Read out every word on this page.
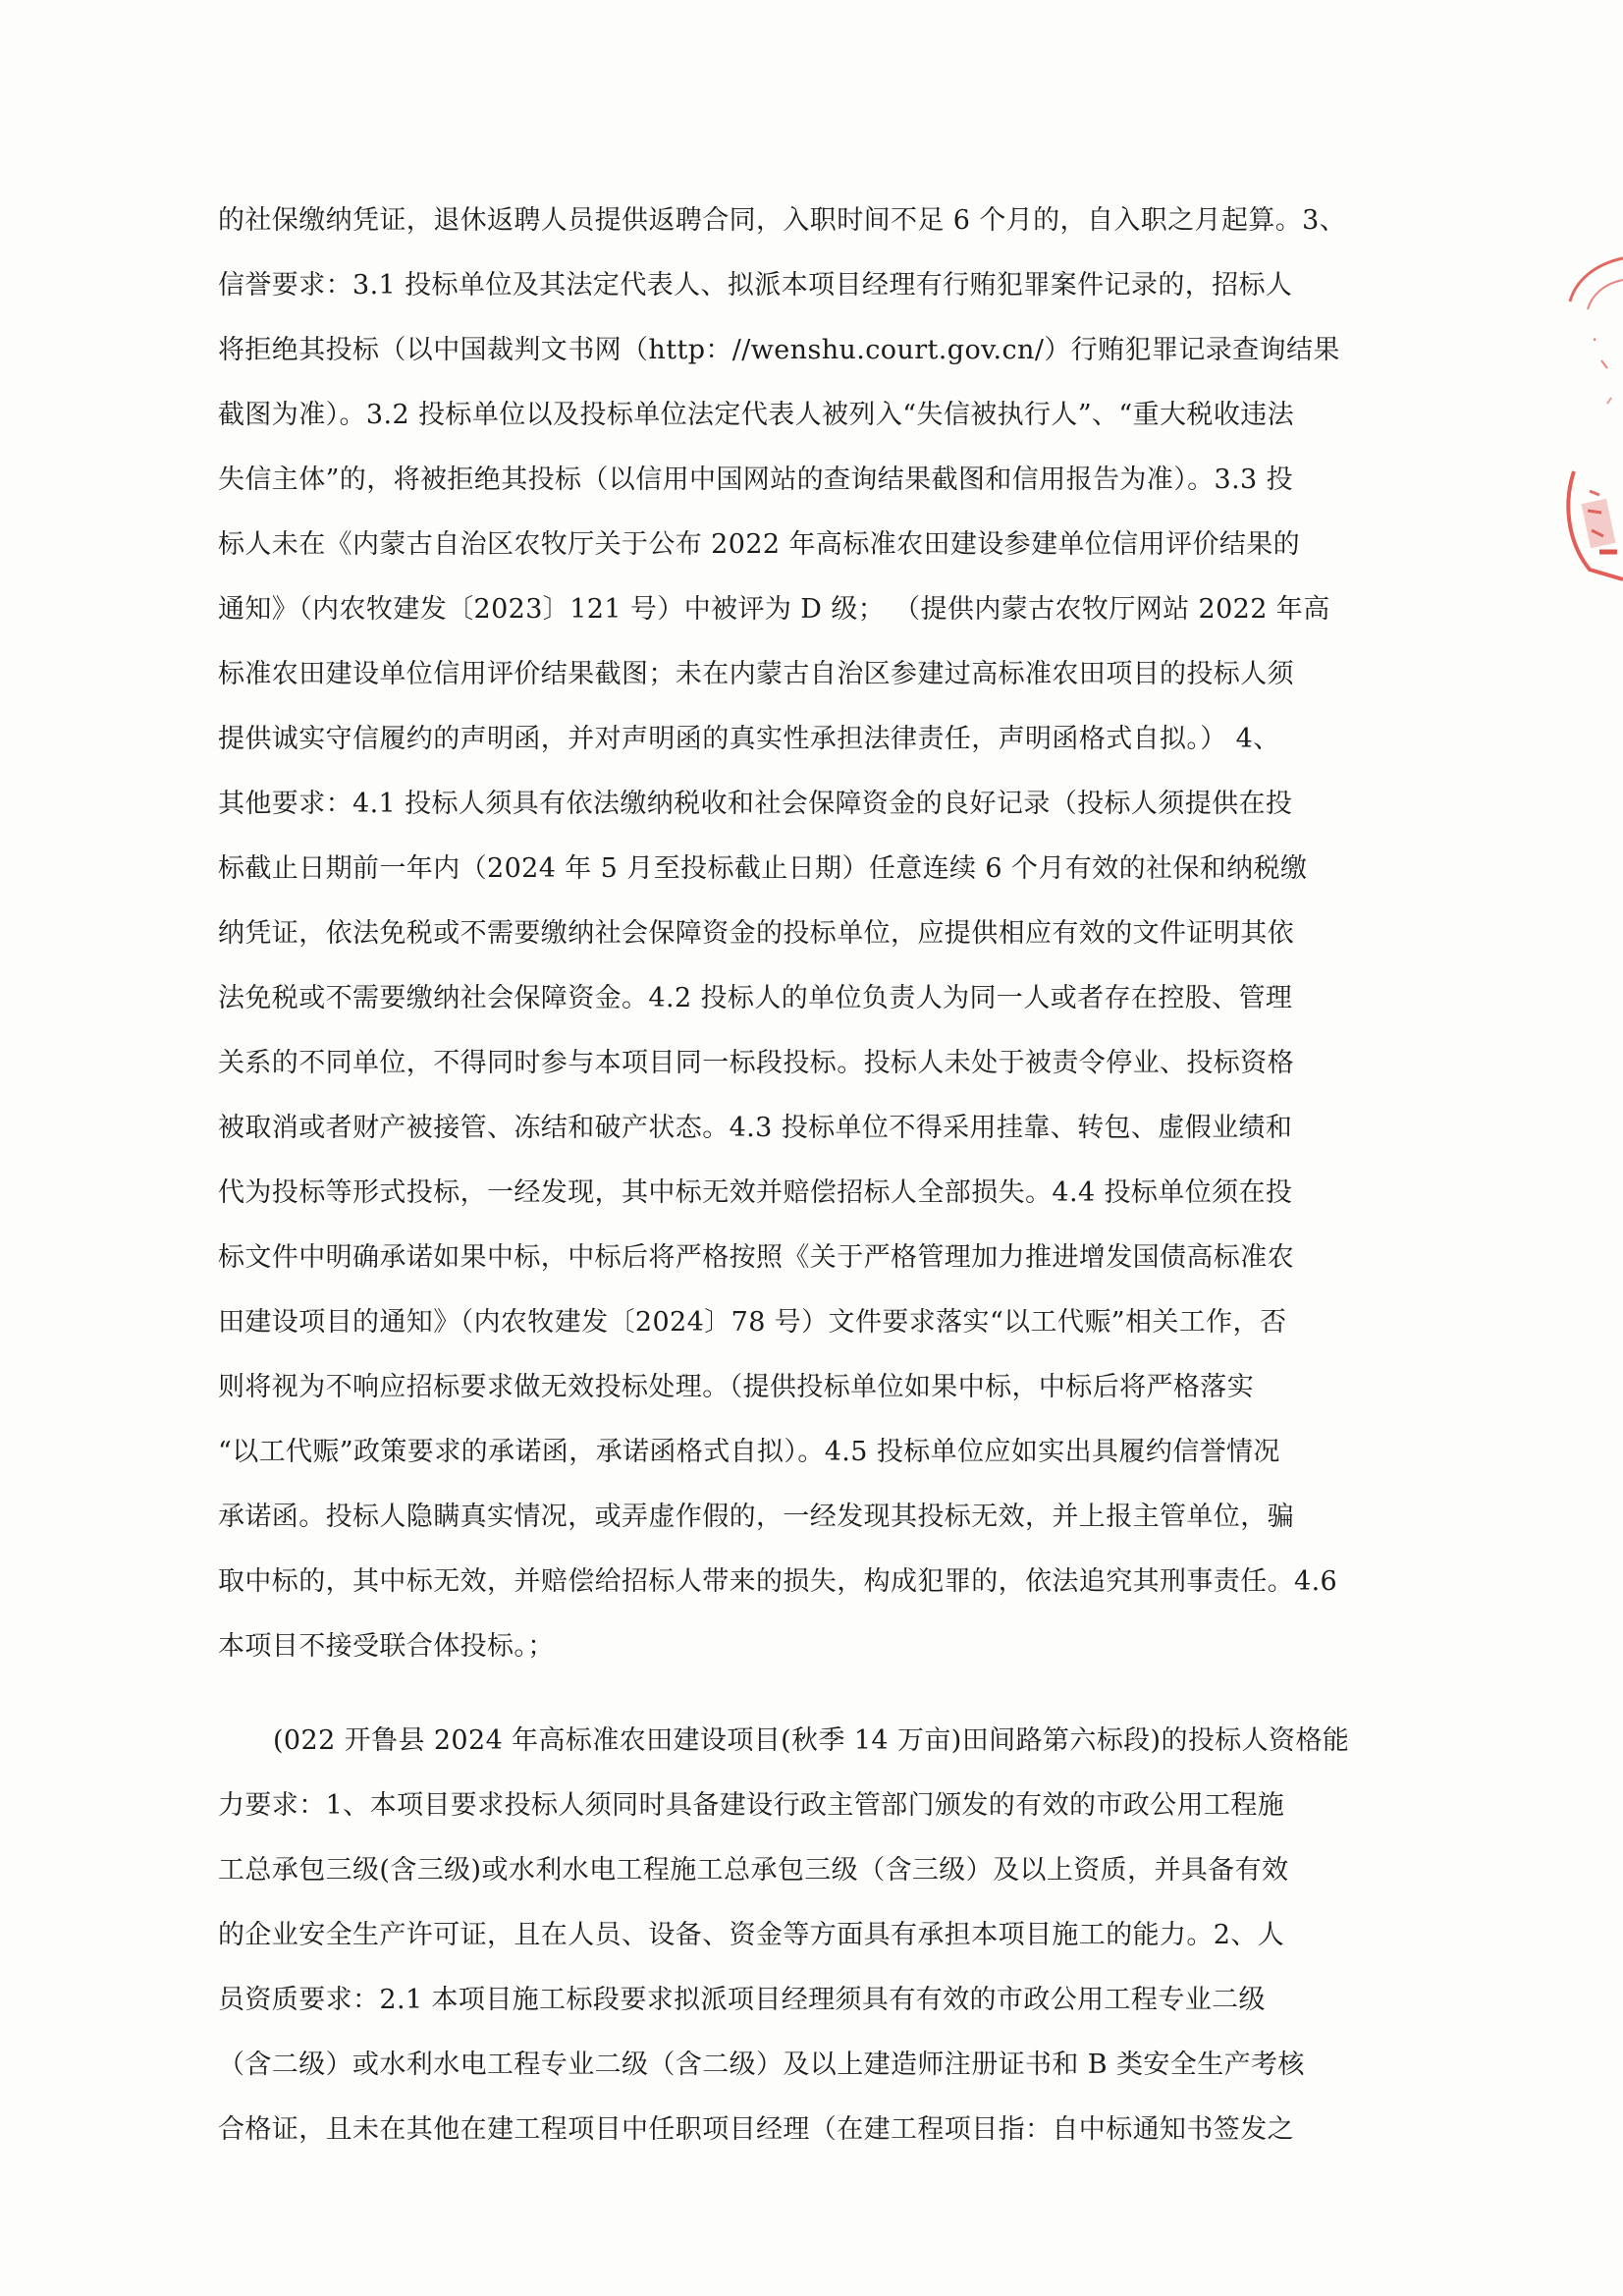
的社保缴纳凭证，退休返聘人员提供返聘合同，入职时间不足 6 个月的，自入职之月起算。3、
信誉要求：3.1 投标单位及其法定代表人、拟派本项目经理有行贿犯罪案件记录的，招标人
将拒绝其投标（以中国裁判文书网（http：//wenshu.court.gov.cn/）行贿犯罪记录查询结果
截图为准）。3.2 投标单位以及投标单位法定代表人被列入“失信被执行人”、“重大税收违法
失信主体”的，将被拒绝其投标（以信用中国网站的查询结果截图和信用报告为准）。3.3 投
标人未在《内蒙古自治区农牧厅关于公布 2022 年高标准农田建设参建单位信用评价结果的
通知》（内农牧建发〔2023〕121 号）中被评为 D 级； （提供内蒙古农牧厅网站 2022 年高
标准农田建设单位信用评价结果截图；未在内蒙古自治区参建过高标准农田项目的投标人须
提供诚实守信履约的声明函，并对声明函的真实性承担法律责任，声明函格式自拟。） 4、
其他要求：4.1 投标人须具有依法缴纳税收和社会保障资金的良好记录（投标人须提供在投
标截止日期前一年内（2024 年 5 月至投标截止日期）任意连续 6 个月有效的社保和纳税缴
纳凭证，依法免税或不需要缴纳社会保障资金的投标单位，应提供相应有效的文件证明其依
法免税或不需要缴纳社会保障资金。4.2 投标人的单位负责人为同一人或者存在控股、管理
关系的不同单位，不得同时参与本项目同一标段投标。投标人未处于被责令停业、投标资格
被取消或者财产被接管、冻结和破产状态。4.3 投标单位不得采用挂靠、转包、虚假业绩和
代为投标等形式投标，一经发现，其中标无效并赔偿招标人全部损失。4.4 投标单位须在投
标文件中明确承诺如果中标，中标后将严格按照《关于严格管理加力推进增发国债高标准农
田建设项目的通知》（内农牧建发〔2024〕78 号）文件要求落实“以工代赈”相关工作，否
则将视为不响应招标要求做无效投标处理。（提供投标单位如果中标，中标后将严格落实
“以工代赈”政策要求的承诺函，承诺函格式自拟）。4.5 投标单位应如实出具履约信誉情况
承诺函。投标人隐瞒真实情况，或弄虚作假的，一经发现其投标无效，并上报主管单位，骗
取中标的，其中标无效，并赔偿给招标人带来的损失，构成犯罪的，依法追究其刑事责任。4.6
本项目不接受联合体投标。；
(022 开鲁县 2024 年高标准农田建设项目(秋季 14 万亩)田间路第六标段)的投标人资格能
力要求：1、本项目要求投标人须同时具备建设行政主管部门颁发的有效的市政公用工程施
工总承包三级(含三级)或水利水电工程施工总承包三级（含三级）及以上资质，并具备有效
的企业安全生产许可证，且在人员、设备、资金等方面具有承担本项目施工的能力。2、人
员资质要求：2.1 本项目施工标段要求拟派项目经理须具有有效的市政公用工程专业二级
（含二级）或水利水电工程专业二级（含二级）及以上建造师注册证书和 B 类安全生产考核
合格证，且未在其他在建工程项目中任职项目经理（在建工程项目指：自中标通知书签发之
·
